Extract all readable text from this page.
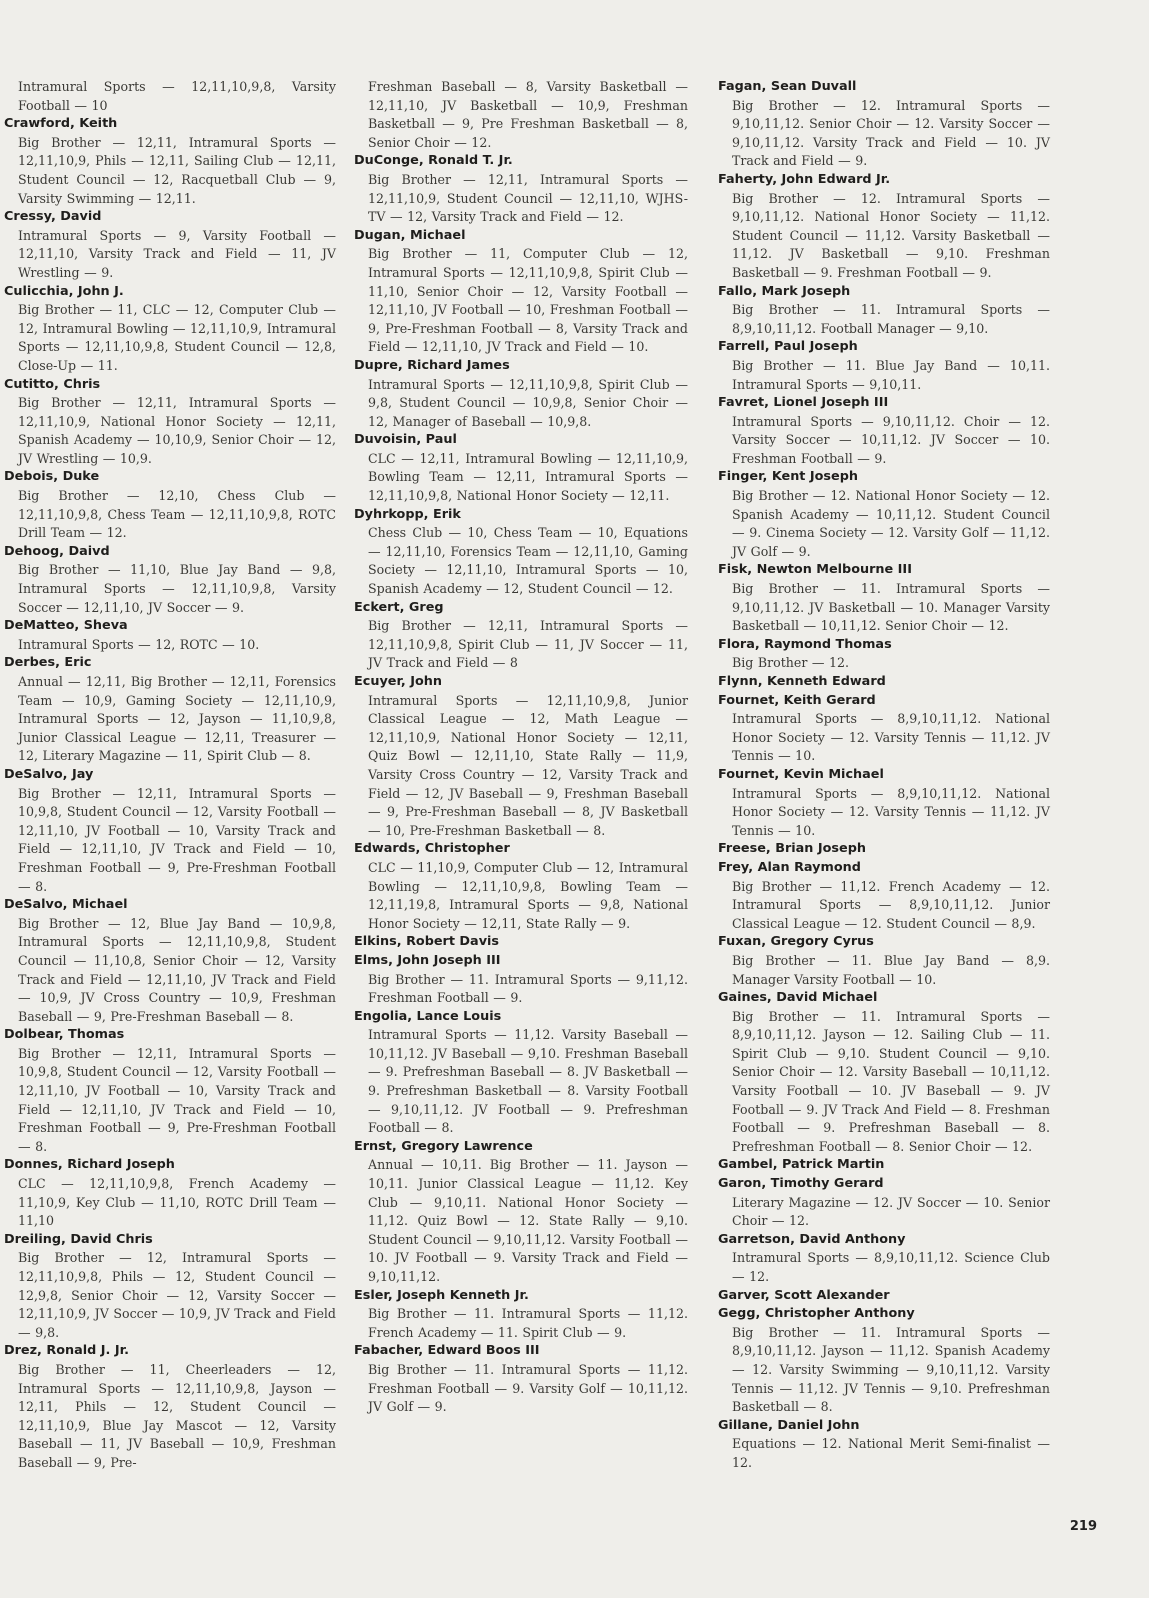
Intramural Sports — 12,11,10,9,8, Varsity Football — 10
Crawford, Keith
Big Brother — 12,11, Intramural Sports — 12,11,10,9, Phils — 12,11, Sailing Club — 12,11, Student Council — 12, Racquetball Club — 9, Varsity Swimming — 12,11.
Cressy, David
Intramural Sports — 9, Varsity Football — 12,11,10, Varsity Track and Field — 11, JV Wrestling — 9.
Culicchia, John J.
Big Brother — 11, CLC — 12, Computer Club — 12, Intramural Bowling — 12,11,10,9, Intramural Sports — 12,11,10,9,8, Student Council — 12,8, Close-Up — 11.
Cutitto, Chris
Big Brother — 12,11, Intramural Sports — 12,11,10,9, National Honor Society — 12,11, Spanish Academy — 10,10,9, Senior Choir — 12, JV Wrestling — 10,9.
Debois, Duke
Big Brother — 12,10, Chess Club — 12,11,10,9,8, Chess Team — 12,11,10,9,8, ROTC Drill Team — 12.
Dehoog, Daivd
Big Brother — 11,10, Blue Jay Band — 9,8, Intramural Sports — 12,11,10,9,8, Varsity Soccer — 12,11,10, JV Soccer — 9.
DeMatteo, Sheva
Intramural Sports — 12, ROTC — 10.
Derbes, Eric
Annual — 12,11, Big Brother — 12,11, Forensics Team — 10,9, Gaming Society — 12,11,10,9, Intramural Sports — 12, Jayson — 11,10,9,8, Junior Classical League — 12,11, Treasurer — 12, Literary Magazine — 11, Spirit Club — 8.
DeSalvo, Jay
Big Brother — 12,11, Intramural Sports — 10,9,8, Student Council — 12, Varsity Football — 12,11,10, JV Football — 10, Varsity Track and Field — 12,11,10, JV Track and Field — 10, Freshman Football — 9, Pre-Freshman Football — 8.
DeSalvo, Michael
Big Brother — 12, Blue Jay Band — 10,9,8, Intramural Sports — 12,11,10,9,8, Student Council — 11,10,8, Senior Choir — 12, Varsity Track and Field — 12,11,10, JV Track and Field — 10,9, JV Cross Country — 10,9, Freshman Baseball — 9, Pre-Freshman Baseball — 8.
Dolbear, Thomas
Big Brother — 12,11, Intramural Sports — 10,9,8, Student Council — 12, Varsity Football — 12,11,10, JV Football — 10, Varsity Track and Field — 12,11,10, JV Track and Field — 10, Freshman Football — 9, Pre-Freshman Football — 8.
Donnes, Richard Joseph
CLC — 12,11,10,9,8, French Academy — 11,10,9, Key Club — 11,10, ROTC Drill Team — 11,10
Dreiling, David Chris
Big Brother — 12, Intramural Sports — 12,11,10,9,8, Phils — 12, Student Council — 12,9,8, Senior Choir — 12, Varsity Soccer — 12,11,10,9, JV Soccer — 10,9, JV Track and Field — 9,8.
Drez, Ronald J. Jr.
Big Brother — 11, Cheerleaders — 12, Intramural Sports — 12,11,10,9,8, Jayson — 12,11, Phils — 12, Student Council — 12,11,10,9, Blue Jay Mascot — 12, Varsity Baseball — 11, JV Baseball — 10,9, Freshman Baseball — 9, Pre-
Freshman Baseball — 8, Varsity Basketball — 12,11,10, JV Basketball — 10,9, Freshman Basketball — 9, Pre Freshman Basketball — 8, Senior Choir — 12.
DuConge, Ronald T. Jr.
Big Brother — 12,11, Intramural Sports — 12,11,10,9, Student Council — 12,11,10, WJHS-TV — 12, Varsity Track and Field — 12.
Dugan, Michael
Big Brother — 11, Computer Club — 12, Intramural Sports — 12,11,10,9,8, Spirit Club — 11,10, Senior Choir — 12, Varsity Football — 12,11,10, JV Football — 10, Freshman Football — 9, Pre-Freshman Football — 8, Varsity Track and Field — 12,11,10, JV Track and Field — 10.
Dupre, Richard James
Intramural Sports — 12,11,10,9,8, Spirit Club — 9,8, Student Council — 10,9,8, Senior Choir — 12, Manager of Baseball — 10,9,8.
Duvoisin, Paul
CLC — 12,11, Intramural Bowling — 12,11,10,9, Bowling Team — 12,11, Intramural Sports — 12,11,10,9,8, National Honor Society — 12,11.
Dyhrkopp, Erik
Chess Club — 10, Chess Team — 10, Equations — 12,11,10, Forensics Team — 12,11,10, Gaming Society — 12,11,10, Intramural Sports — 10, Spanish Academy — 12, Student Council — 12.
Eckert, Greg
Big Brother — 12,11, Intramural Sports — 12,11,10,9,8, Spirit Club — 11, JV Soccer — 11, JV Track and Field — 8
Ecuyer, John
Intramural Sports — 12,11,10,9,8, Junior Classical League — 12, Math League — 12,11,10,9, National Honor Society — 12,11, Quiz Bowl — 12,11,10, State Rally — 11,9, Varsity Cross Country — 12, Varsity Track and Field — 12, JV Baseball — 9, Freshman Baseball — 9, Pre-Freshman Baseball — 8, JV Basketball — 10, Pre-Freshman Basketball — 8.
Edwards, Christopher
CLC — 11,10,9, Computer Club — 12, Intramural Bowling — 12,11,10,9,8, Bowling Team — 12,11,19,8, Intramural Sports — 9,8, National Honor Society — 12,11, State Rally — 9.
Elkins, Robert Davis
Elms, John Joseph III
Big Brother — 11. Intramural Sports — 9,11,12. Freshman Football — 9.
Engolia, Lance Louis
Intramural Sports — 11,12. Varsity Baseball — 10,11,12. JV Baseball — 9,10. Freshman Baseball — 9. Prefreshman Baseball — 8. JV Basketball — 9. Prefreshman Basketball — 8. Varsity Football — 9,10,11,12. JV Football — 9. Prefreshman Football — 8.
Ernst, Gregory Lawrence
Annual — 10,11. Big Brother — 11. Jayson — 10,11. Junior Classical League — 11,12. Key Club — 9,10,11. National Honor Society — 11,12. Quiz Bowl — 12. State Rally — 9,10. Student Council — 9,10,11,12. Varsity Football — 10. JV Football — 9. Varsity Track and Field — 9,10,11,12.
Esler, Joseph Kenneth Jr.
Big Brother — 11. Intramural Sports — 11,12. French Academy — 11. Spirit Club — 9.
Fabacher, Edward Boos III
Big Brother — 11. Intramural Sports — 11,12. Freshman Football — 9. Varsity Golf — 10,11,12. JV Golf — 9.
Fagan, Sean Duvall
Big Brother — 12. Intramural Sports — 9,10,11,12. Senior Choir — 12. Varsity Soccer — 9,10,11,12. Varsity Track and Field — 10. JV Track and Field — 9.
Faherty, John Edward Jr.
Big Brother — 12. Intramural Sports — 9,10,11,12. National Honor Society — 11,12. Student Council — 11,12. Varsity Basketball — 11,12. JV Basketball — 9,10. Freshman Basketball — 9. Freshman Football — 9.
Fallo, Mark Joseph
Big Brother — 11. Intramural Sports — 8,9,10,11,12. Football Manager — 9,10.
Farrell, Paul Joseph
Big Brother — 11. Blue Jay Band — 10,11. Intramural Sports — 9,10,11.
Favret, Lionel Joseph III
Intramural Sports — 9,10,11,12. Choir — 12. Varsity Soccer — 10,11,12. JV Soccer — 10. Freshman Football — 9.
Finger, Kent Joseph
Big Brother — 12. National Honor Society — 12. Spanish Academy — 10,11,12. Student Council — 9. Cinema Society — 12. Varsity Golf — 11,12. JV Golf — 9.
Fisk, Newton Melbourne III
Big Brother — 11. Intramural Sports — 9,10,11,12. JV Basketball — 10. Manager Varsity Basketball — 10,11,12. Senior Choir — 12.
Flora, Raymond Thomas
Big Brother — 12.
Flynn, Kenneth Edward
Fournet, Keith Gerard
Intramural Sports — 8,9,10,11,12. National Honor Society — 12. Varsity Tennis — 11,12. JV Tennis — 10.
Fournet, Kevin Michael
Intramural Sports — 8,9,10,11,12. National Honor Society — 12. Varsity Tennis — 11,12. JV Tennis — 10.
Freese, Brian Joseph
Frey, Alan Raymond
Big Brother — 11,12. French Academy — 12. Intramural Sports — 8,9,10,11,12. Junior Classical League — 12. Student Council — 8,9.
Fuxan, Gregory Cyrus
Big Brother — 11. Blue Jay Band — 8,9. Manager Varsity Football — 10.
Gaines, David Michael
Big Brother — 11. Intramural Sports — 8,9,10,11,12. Jayson — 12. Sailing Club — 11. Spirit Club — 9,10. Student Council — 9,10. Senior Choir — 12. Varsity Baseball — 10,11,12. Varsity Football — 10. JV Baseball — 9. JV Football — 9. JV Track And Field — 8. Freshman Football — 9. Prefreshman Baseball — 8. Prefreshman Football — 8. Senior Choir — 12.
Gambel, Patrick Martin
Garon, Timothy Gerard
Literary Magazine — 12. JV Soccer — 10. Senior Choir — 12.
Garretson, David Anthony
Intramural Sports — 8,9,10,11,12. Science Club — 12.
Garver, Scott Alexander
Gegg, Christopher Anthony
Big Brother — 11. Intramural Sports — 8,9,10,11,12. Jayson — 11,12. Spanish Academy — 12. Varsity Swimming — 9,10,11,12. Varsity Tennis — 11,12. JV Tennis — 9,10. Prefreshman Basketball — 8.
Gillane, Daniel John
Equations — 12. National Merit Semi-finalist — 12.
219
